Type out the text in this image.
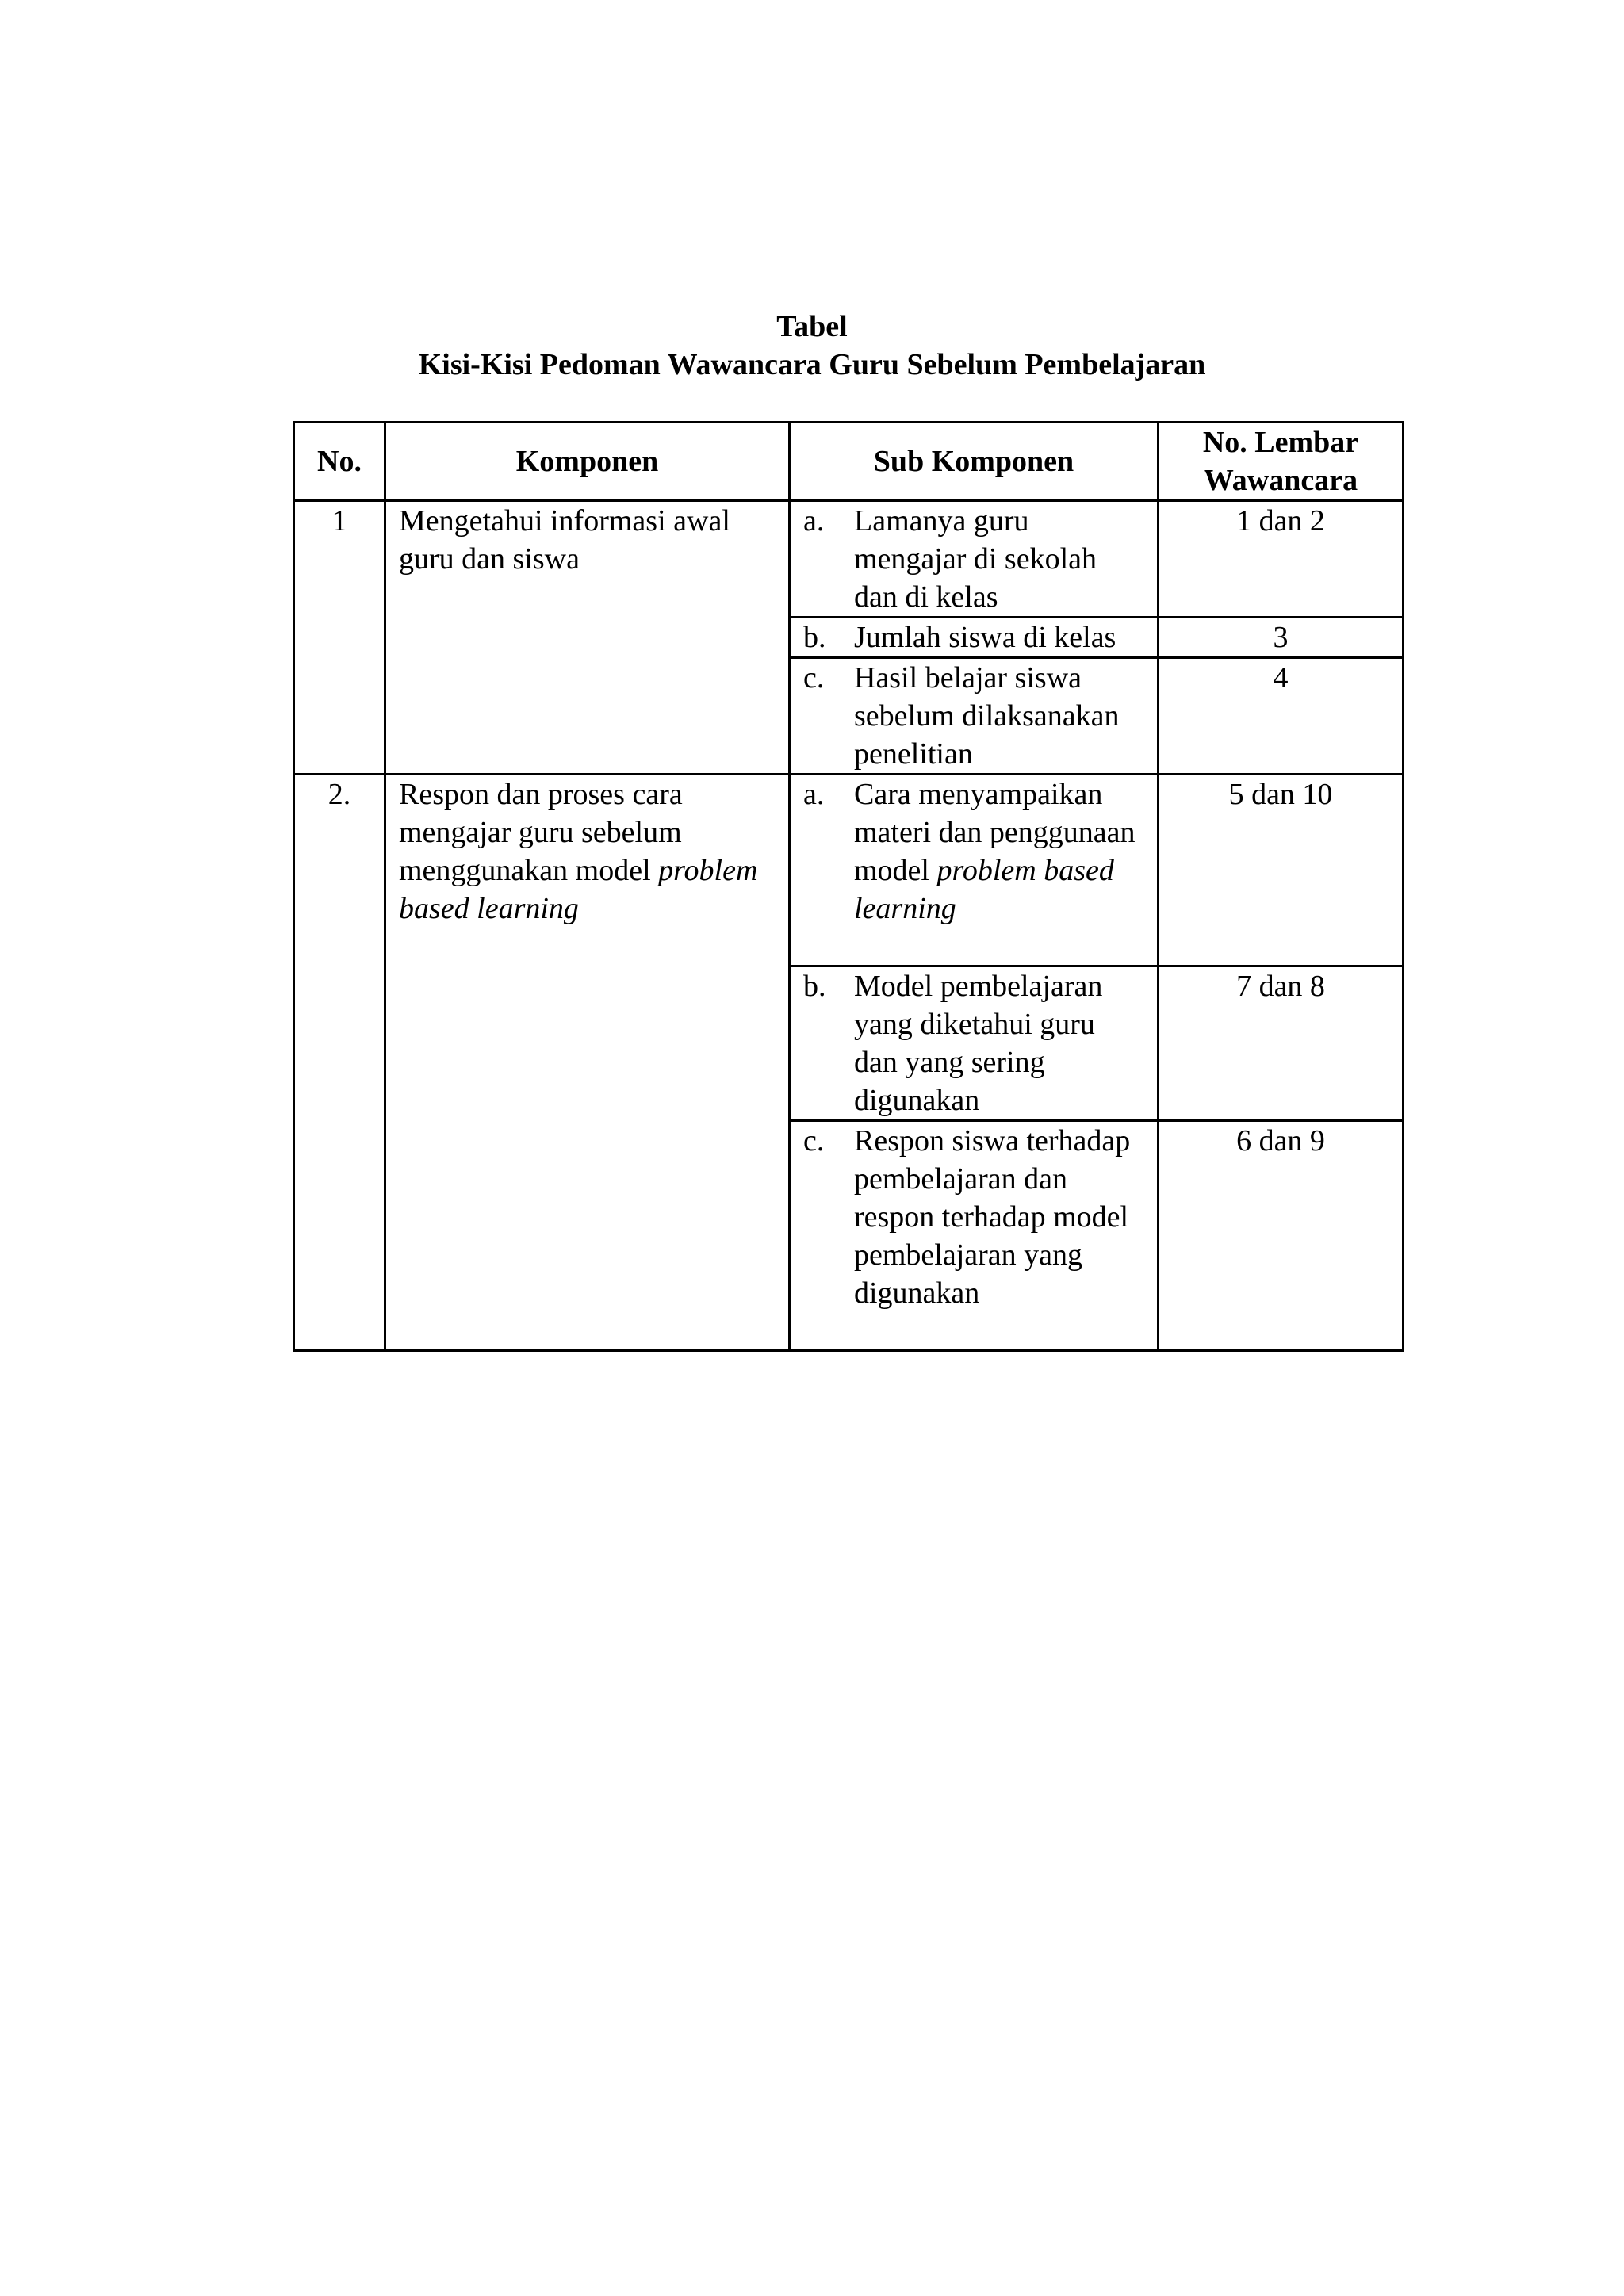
Tabel
Kisi-Kisi Pedoman Wawancara Guru Sebelum Pembelajaran
No.	Komponen	Sub Komponen	No. Lembar
Wawancara

1	Mengetahui informasi awal guru dan siswa	a. Lamanya guru mengajar di sekolah dan di kelas	1 dan 2

		b. Jumlah siswa di kelas	3

		c. Hasil belajar siswa sebelum dilaksanakan penelitian	4
2.	Respon dan proses cara mengajar guru sebelum menggunakan model problem based learning	a. Cara menyampaikan materi dan penggunaan model problem based learning	5 dan 10

		b. Model pembelajaran yang diketahui guru dan yang sering digunakan	7 dan 8

		c. Respon siswa terhadap pembelajaran dan respon terhadap model pembelajaran yang digunakan	6 dan 9
